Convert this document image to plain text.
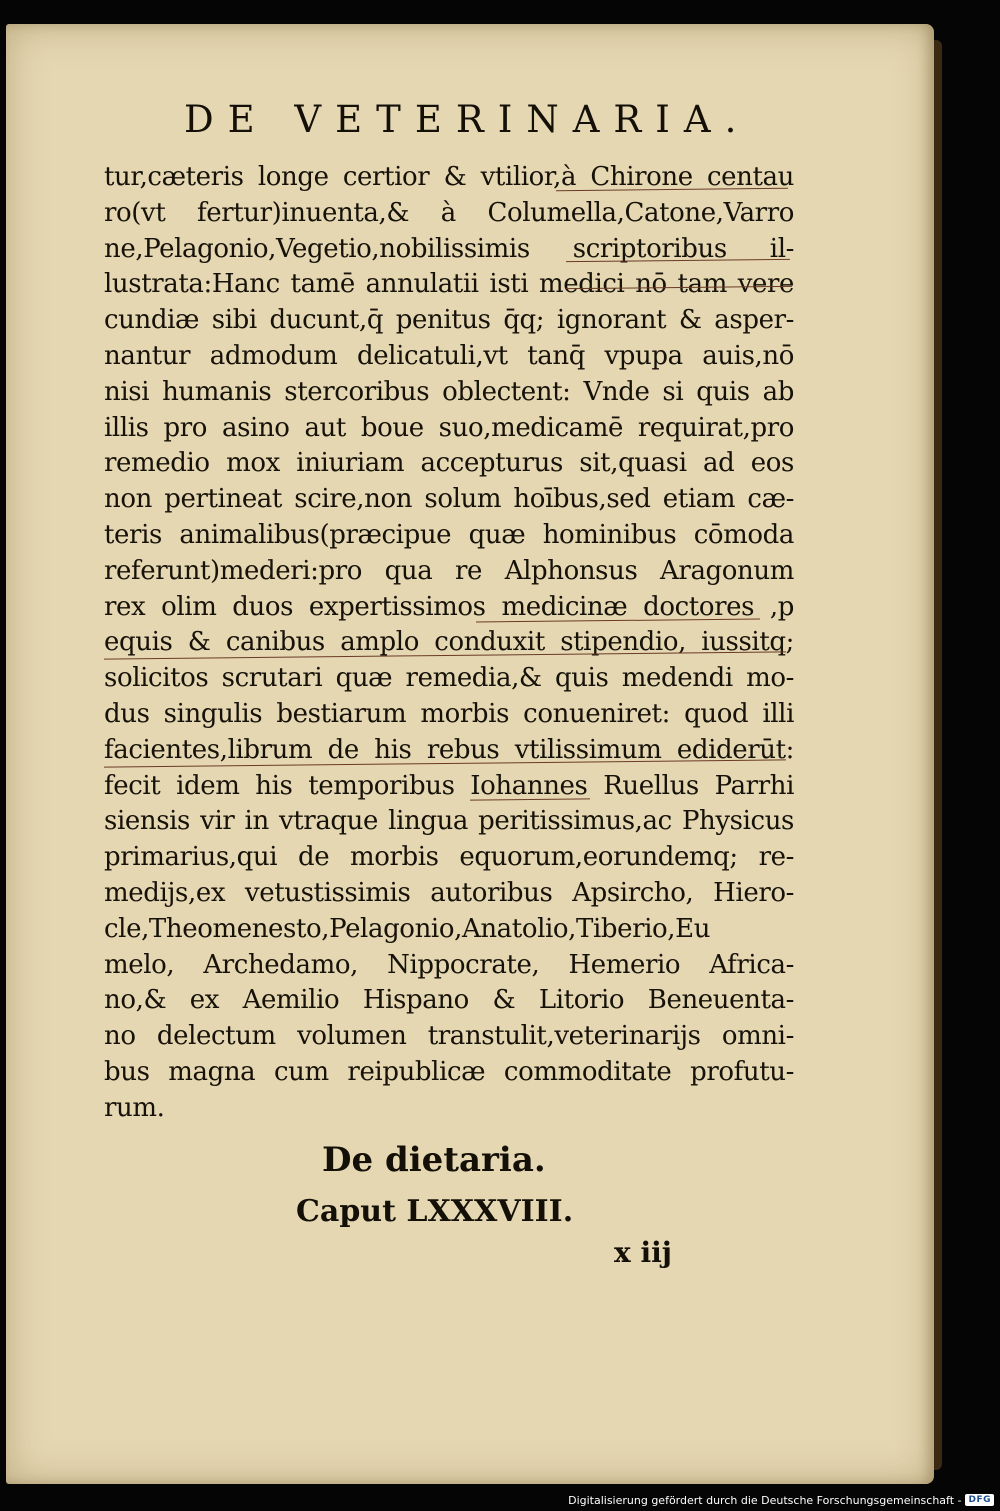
DE VETERINARIA.
tur,cæteris longe certior & vtilior,à Chirone centau
ro(vt fertur)inuenta,& à Columella,Catone,Varro
ne,Pelagonio,Vegetio,nobilissimis scriptoribus il-
lustrata:Hanc tamē annulatii isti medici nō tam vere
cundiæ sibi ducunt,q̄ penitus q̄q; ignorant & asper-
nantur admodum delicatuli,vt tanq̄ vpupa auis,nō
nisi humanis stercoribus oblectent: Vnde si quis ab
illis pro asino aut boue suo,medicamē requirat,pro
remedio mox iniuriam accepturus sit,quasi ad eos
non pertineat scire,non solum hoībus,sed etiam cæ-
teris animalibus(præcipue quæ hominibus cōmoda
referunt)mederi:pro qua re Alphonsus Aragonum
rex olim duos expertissimos medicinæ doctores ,p
equis & canibus amplo conduxit stipendio, iussitq;
solicitos scrutari quæ remedia,& quis medendi mo-
dus singulis bestiarum morbis conueniret: quod illi
facientes,librum de his rebus vtilissimum ediderūt:
fecit idem his temporibus Iohannes Ruellus Parrhi
siensis vir in vtraque lingua peritissimus,ac Physicus
primarius,qui de morbis equorum,eorundemq; re-
medijs,ex vetustissimis autoribus Apsircho, Hiero-
cle,Theomenesto,Pelagonio,Anatolio,Tiberio,Eu
melo, Archedamo, Nippocrate, Hemerio Africa-
no,& ex Aemilio Hispano & Litorio Beneuenta-
no delectum volumen transtulit,veterinarijs omni-
bus magna cum reipublicæ commoditate profutu-
rum.
De dietaria.
Caput LXXXVIII.
x iij
Digitalisierung gefördert durch die Deutsche Forschungsgemeinschaft - DFG
